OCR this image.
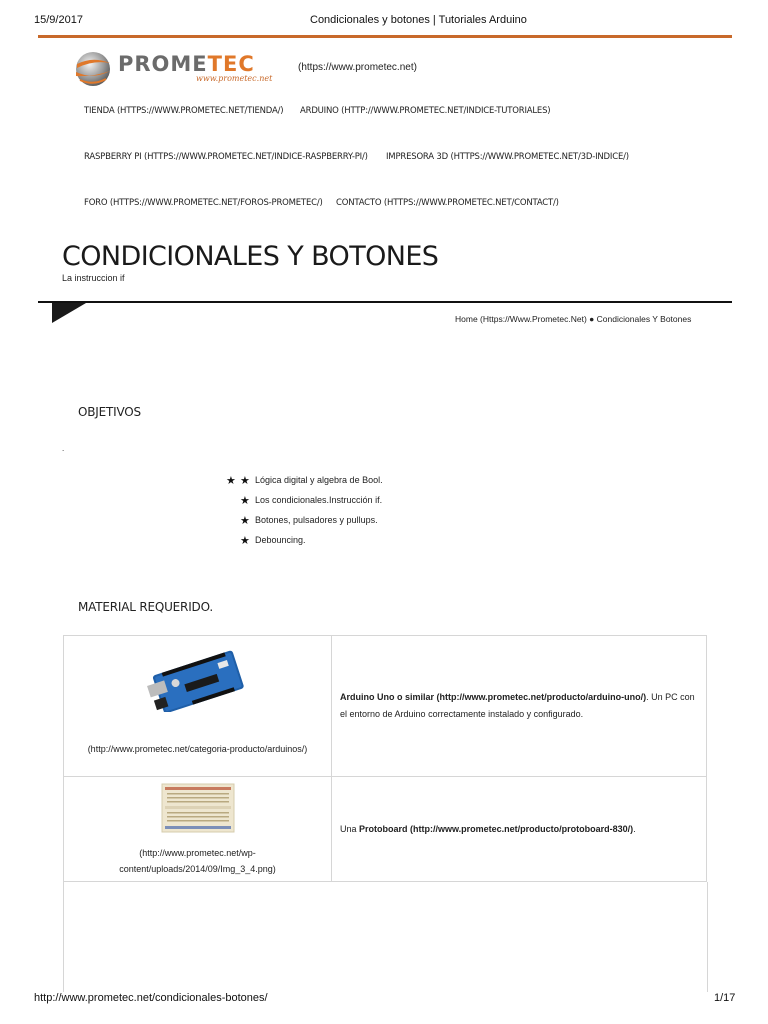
15/9/2017	Condicionales y botones | Tutoriales Arduino
PROMETEC
www.prometec.net
(https://www.prometec.net)
TIENDA (HTTPS://WWW.PROMETEC.NET/TIENDA/) ARDUINO (HTTP://WWW.PROMETEC.NET/INDICE-TUTORIALES)
RASPBERRY PI (HTTPS://WWW.PROMETEC.NET/INDICE-RASPBERRY-PI/) IMPRESORA 3D (HTTPS://WWW.PROMETEC.NET/3D-INDICE/)
FORO (HTTPS://WWW.PROMETEC.NET/FOROS-PROMETEC/) CONTACTO (HTTPS://WWW.PROMETEC.NET/CONTACT/)
CONDICIONALES Y BOTONES
La instruccion if
Home (Https://Www.Prometec.Net) ● Condicionales Y Botones
OBJETIVOS
.
★ ★ Lógica digital y algebra de Bool.
★ Los condicionales.Instrucción if.
★ Botones, pulsadores y pullups.
★ Debouncing.
MATERIAL REQUERIDO.
(http://www.prometec.net/categoria-producto/arduinos/)	Arduino Uno o similar (http://www.prometec.net/producto/arduino-uno/). Un PC con el entorno de Arduino correctamente instalado y configurado.

(http://www.prometec.net/wp-content/uploads/2014/09/Img_3_4.png)	Una Protoboard (http://www.prometec.net/producto/protoboard-830/).
http://www.prometec.net/condicionales-botones/	1/17
